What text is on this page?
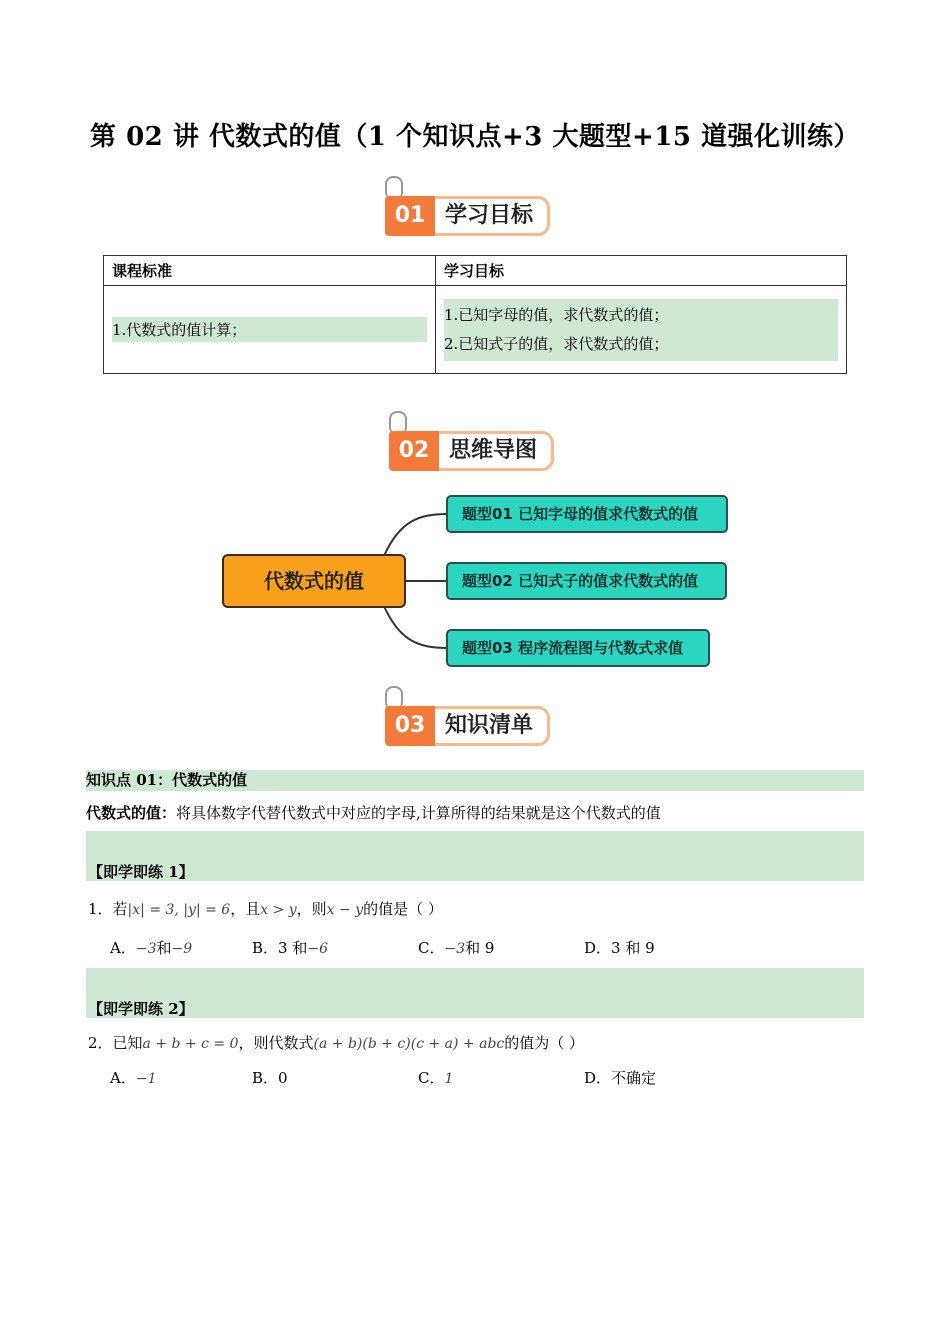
第 02 讲 代数式的值（1 个知识点+3 大题型+15 道强化训练）
01 学习目标
课程标准	学习目标

1.代数式的值计算；	1.已知字母的值，求代数式的值；
2.已知式子的值，求代数式的值；
02 思维导图
代数式的值
题型01 已知字母的值求代数式的值
题型02 已知式子的值求代数式的值
题型03 程序流程图与代数式求值
03 知识清单
知识点 01：代数式的值
代数式的值：将具体数字代替代数式中对应的字母,计算所得的结果就是这个代数式的值
【即学即练 1】
1．若|x| = 3, |y| = 6，且x > y，则x − y的值是（ ）
A．−3和−9	B．3 和−6	C．−3和 9	D．3 和 9
【即学即练 2】
2．已知a + b + c = 0，则代数式(a + b)(b + c)(c + a) + abc的值为（ ）
A．−1	B．0	C．1	D．不确定
